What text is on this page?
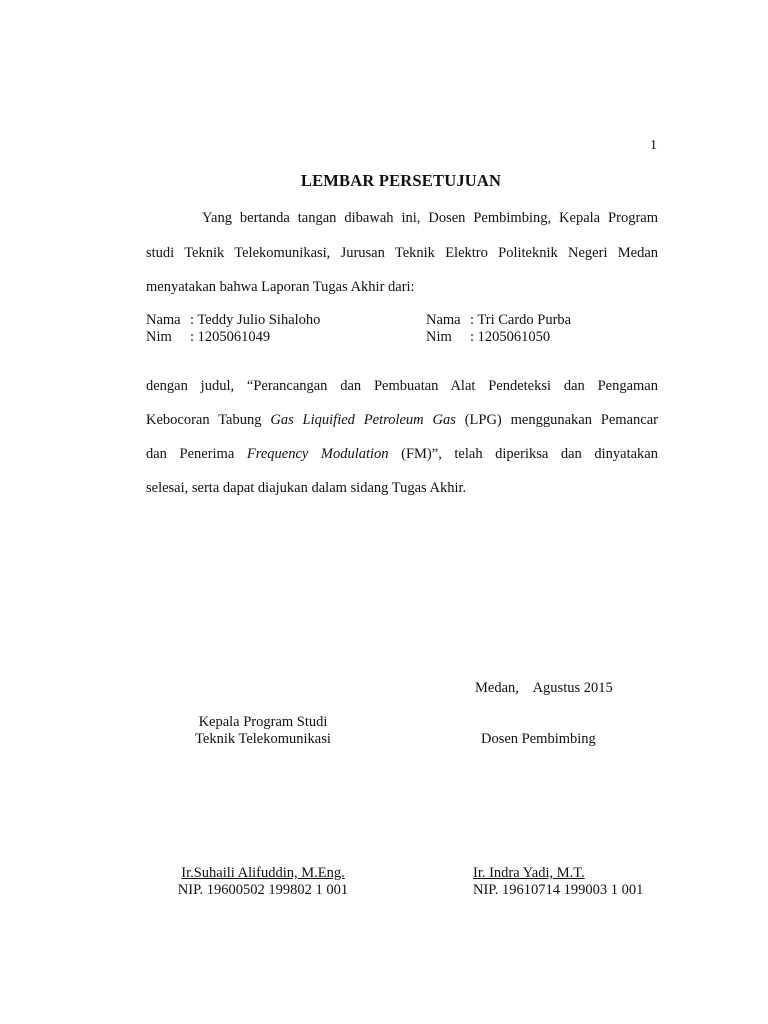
1
LEMBAR PERSETUJUAN
Yang bertanda tangan dibawah ini, Dosen Pembimbing, Kepala Program
studi Teknik Telekomunikasi, Jurusan Teknik Elektro Politeknik Negeri Medan
menyatakan bahwa Laporan Tugas Akhir dari:
Nama : Teddy Julio Sihaloho
Nim : 1205061049
Nama : Tri Cardo Purba
Nim : 1205061050
dengan judul, “Perancangan dan Pembuatan Alat Pendeteksi dan Pengaman
Kebocoran Tabung Gas Liquified Petroleum Gas (LPG) menggunakan Pemancar
dan Penerima Frequency Modulation (FM)”, telah diperiksa dan dinyatakan
selesai, serta dapat diajukan dalam sidang Tugas Akhir.
Medan,    Agustus 2015
Kepala Program Studi
Teknik Telekomunikasi
Ir.Suhaili Alifuddin, M.Eng.
NIP. 19600502 199802 1 001
Dosen Pembimbing
Ir. Indra Yadi, M.T.
NIP. 19610714 199003 1 001
